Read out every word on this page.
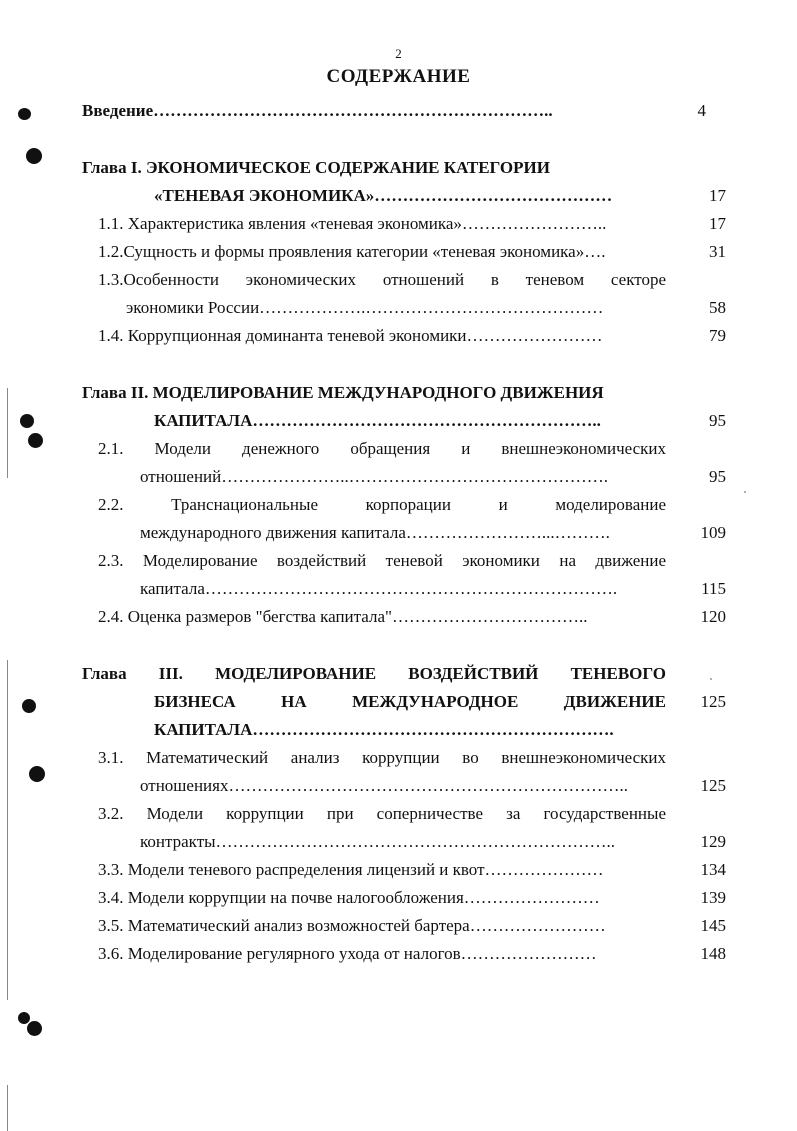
2
СОДЕРЖАНИЕ
Введение……………………………………………………………..	4
Глава I. ЭКОНОМИЧЕСКОЕ СОДЕРЖАНИЕ КАТЕГОРИИ
«ТЕНЕВАЯ ЭКОНОМИКА»……………………………………	17
1.1. Характеристика явления «теневая экономика»……………………..	17
1.2.Сущность и формы проявления категории «теневая экономика»….	31
1.3.Особенности экономических отношений в теневом секторе
экономики России……………….……………………………………	58
1.4. Коррупционная доминанта теневой экономики……………………	79
Глава II. МОДЕЛИРОВАНИЕ МЕЖДУНАРОДНОГО ДВИЖЕНИЯ
КАПИТАЛА……………………………………………………..	95
2.1. Модели денежного обращения и внешнеэкономических
отношений…………………..……………………………………….	95
2.2. Транснациональные корпорации и моделирование
международного движения капитала……………………...……….	109
2.3. Моделирование воздействий теневой экономики на движение
капитала……………………………………………………………….	115
2.4. Оценка размеров "бегства капитала"……………………………..	120
Глава III. МОДЕЛИРОВАНИЕ ВОЗДЕЙСТВИЙ ТЕНЕВОГО
БИЗНЕСА НА МЕЖДУНАРОДНОЕ ДВИЖЕНИЕ	125
КАПИТАЛА……………………………………………………….
3.1. Математический анализ коррупции во внешнеэкономических
отношениях……………………………………………………………..	125
3.2. Модели коррупции при соперничестве за государственные
контракты……………………………………………………………..	129
3.3. Модели теневого распределения лицензий и квот…………………	134
3.4. Модели коррупции на почве налогообложения……………………	139
3.5. Математический анализ возможностей бартера……………………	145
3.6. Моделирование регулярного ухода от налогов……………………	148
